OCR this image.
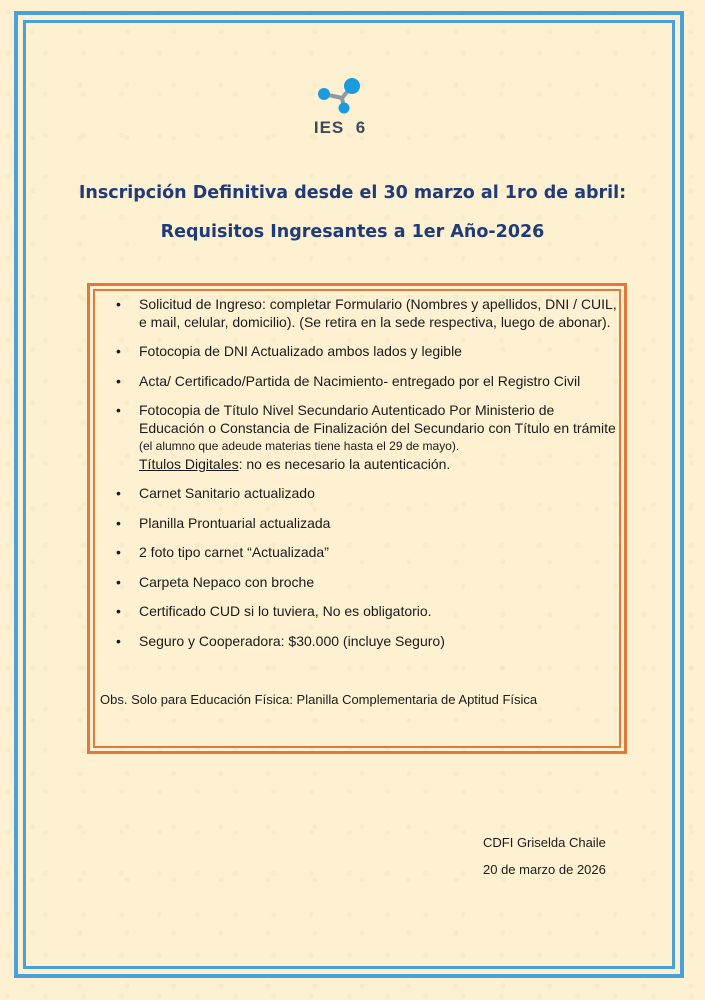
IES  6
Inscripción Definitiva desde el 30 marzo al 1ro de abril:
Requisitos Ingresantes a 1er Año-2026
• Solicitud de Ingreso: completar Formulario (Nombres y apellidos, DNI / CUIL, e mail, celular, domicilio). (Se retira en la sede respectiva, luego de abonar).
• Fotocopia de DNI Actualizado ambos lados y legible
• Acta/ Certificado/Partida de Nacimiento- entregado por el Registro Civil
• Fotocopia de Título Nivel Secundario Autenticado Por Ministerio de Educación o Constancia de Finalización del Secundario con Título en trámite (el alumno que adeude materias tiene hasta el 29 de mayo).
Títulos Digitales: no es necesario la autenticación.
• Carnet Sanitario actualizado
• Planilla Prontuarial actualizada
• 2 foto tipo carnet “Actualizada”
• Carpeta Nepaco con broche
• Certificado CUD si lo tuviera, No es obligatorio.
• Seguro y Cooperadora: $30.000 (incluye Seguro)
Obs. Solo para Educación Física: Planilla Complementaria de Aptitud Física
CDFI Griselda Chaile
20 de marzo de 2026
